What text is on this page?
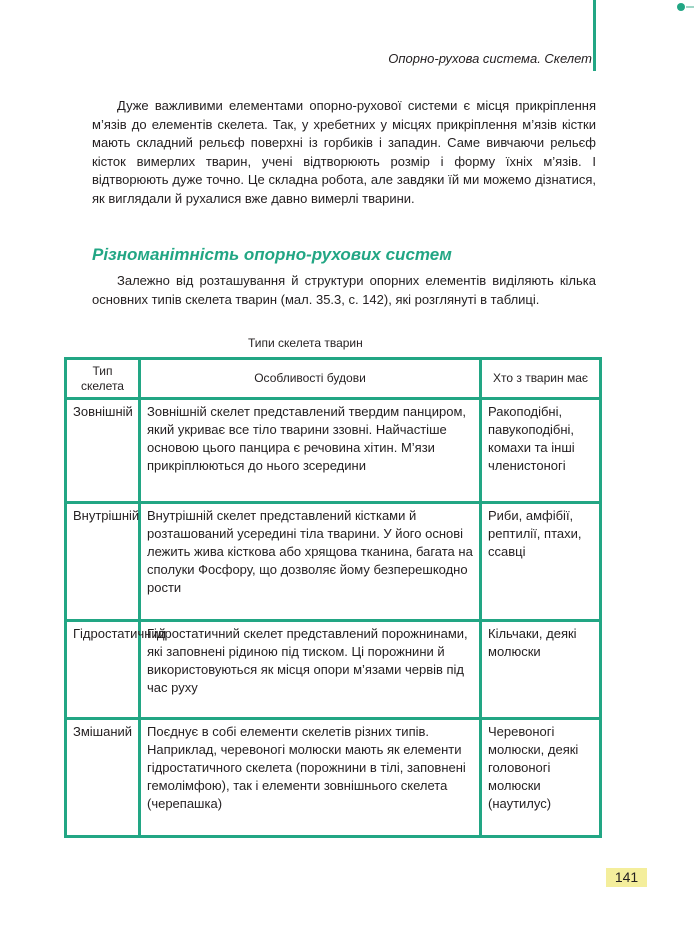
Опорно-рухова система. Скелет

Дуже важливими елементами опорно-рухової системи є місця прикріплення м’язів до елементів скелета. Так, у хребетних у місцях прикріплення м’язів кістки мають складний рельєф поверхні із горбиків і западин. Саме вивчаючи рельєф кісток вимерлих тварин, учені відтворюють розмір і форму їхніх м’язів. І відтворюють дуже точно. Це складна робота, але завдяки їй ми можемо дізнатися, як виглядали й рухалися вже давно вимерлі тварини.

Різноманітність опорно-рухових систем

Залежно від розташування й структури опорних елементів виділяють кілька основних типів скелета тварин (мал. 35.3, с. 142), які розглянуті в таблиці.

Типи скелета тварин
Тип скелета	Особливості будови	Хто з тварин має
Зовнішній	Зовнішній скелет представлений твердим панциром, який укриває все тіло тварини ззовні. Найчастіше основою цього панцира є речовина хітин. М’язи прикріплюються до нього зсередини	Ракоподібні, павукоподібні, комахи та інші членистоногі
Внутрішній	Внутрішній скелет представлений кістками й розташований усередині тіла тварини. У його основі лежить жива кісткова або хрящова тканина, багата на сполуки Фосфору, що дозволяє йому безперешкодно рости	Риби, амфібії, рептилії, птахи, ссавці
Гідростатичний	Гідростатичний скелет представлений порожнинами, які заповнені рідиною під тиском. Ці порожнини й використовуються як місця опори м’язами червів під час руху	Кільчаки, деякі молюски
Змішаний	Поєднує в собі елементи скелетів різних типів. Наприклад, черевоногі молюски мають як елементи гідростатичного скелета (порожнини в тілі, заповнені гемолімфою), так і елементи зовнішнього скелета (черепашка)	Черевоногі молюски, деякі головоногі молюски (наутилус)
141
